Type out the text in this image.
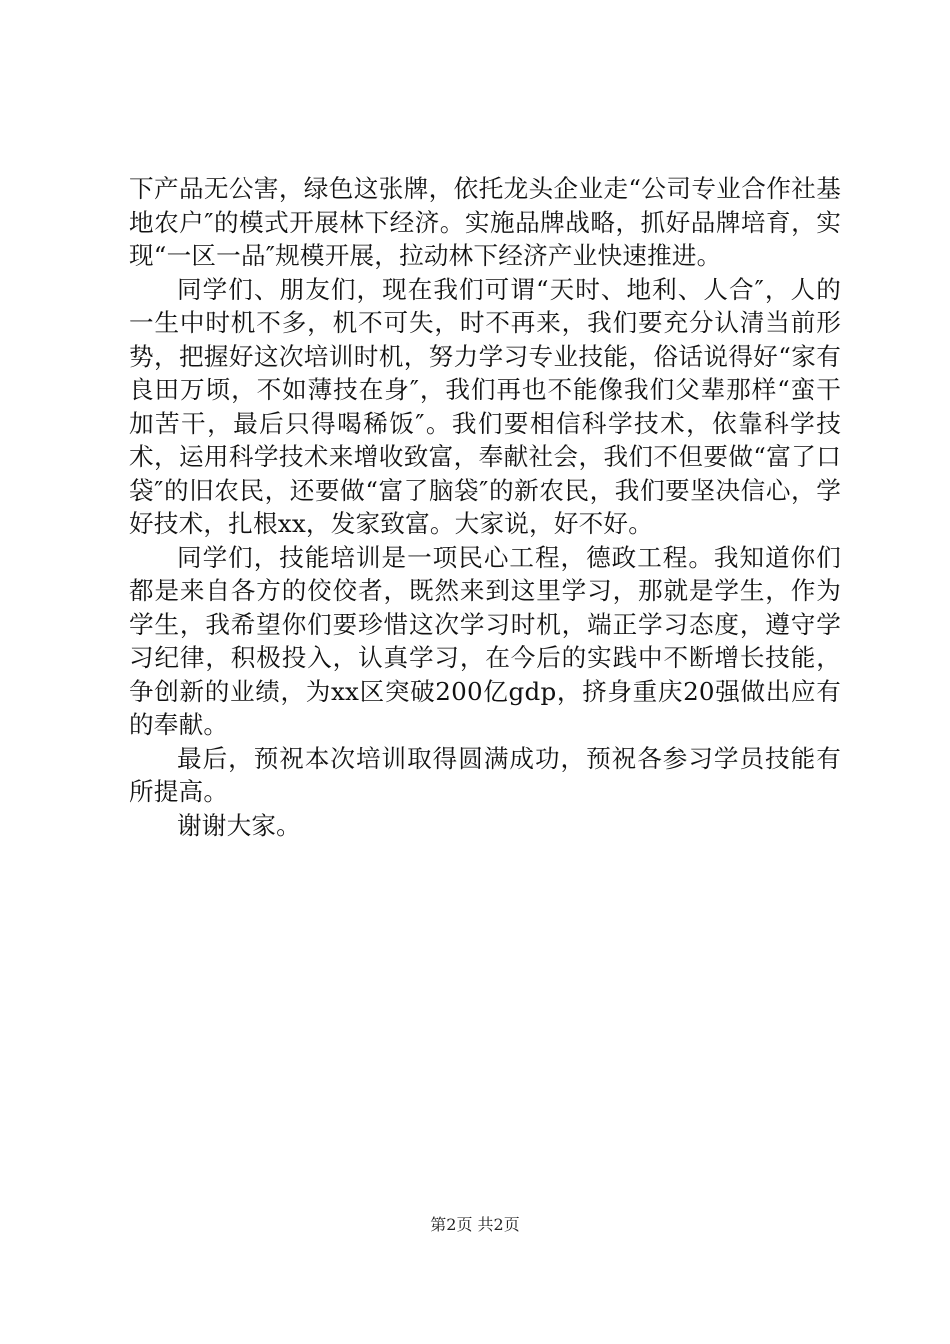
下产品无公害，绿色这张牌，依托龙头企业走“公司专业合作社基地农户″的模式开展林下经济。实施品牌战略，抓好品牌培育，实现“一区一品″规模开展，拉动林下经济产业快速推进。

同学们、朋友们，现在我们可谓“天时、地利、人合″，人的一生中时机不多，机不可失，时不再来，我们要充分认清当前形势，把握好这次培训时机，努力学习专业技能，俗话说得好“家有良田万顷，不如薄技在身″，我们再也不能像我们父辈那样“蛮干加苦干，最后只得喝稀饭″。我们要相信科学技术，依靠科学技术，运用科学技术来增收致富，奉献社会，我们不但要做“富了口袋″的旧农民，还要做“富了脑袋″的新农民，我们要坚决信心，学好技术，扎根xx，发家致富。大家说，好不好。

同学们，技能培训是一项民心工程，德政工程。我知道你们都是来自各方的佼佼者，既然来到这里学习，那就是学生，作为学生，我希望你们要珍惜这次学习时机，端正学习态度，遵守学习纪律，积极投入，认真学习，在今后的实践中不断增长技能，争创新的业绩，为xx区突破200亿gdp，挤身重庆20强做出应有的奉献。

最后，预祝本次培训取得圆满成功，预祝各参习学员技能有所提高。

谢谢大家。

第2页 共2页
